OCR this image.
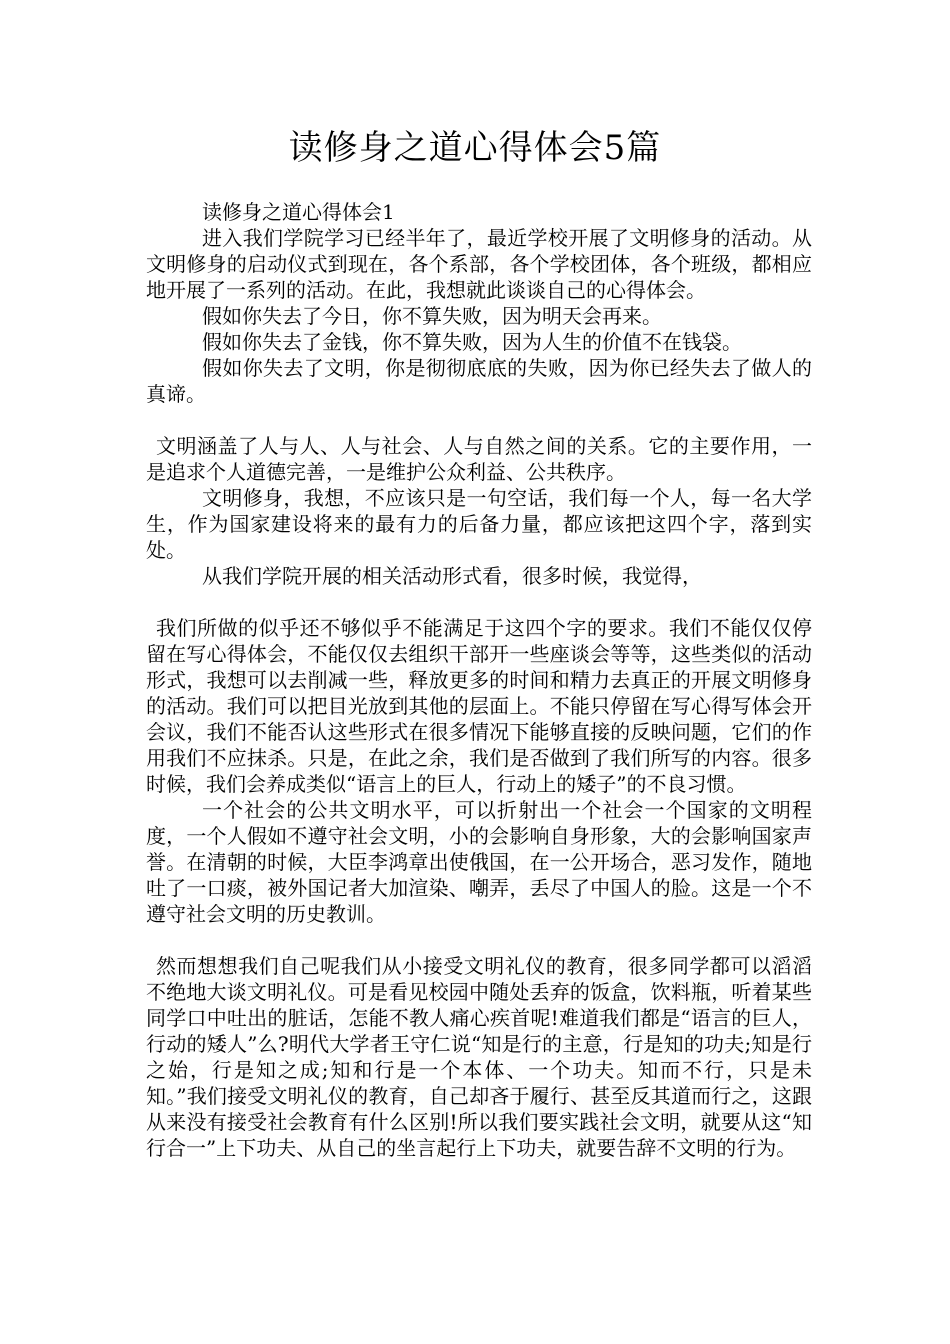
读修身之道心得体会5篇

读修身之道心得体会1

进入我们学院学习已经半年了，最近学校开展了文明修身的活动。从文明修身的启动仪式到现在，各个系部，各个学校团体，各个班级，都相应地开展了一系列的活动。在此，我想就此谈谈自己的心得体会。

假如你失去了今日，你不算失败，因为明天会再来。

假如你失去了金钱，你不算失败，因为人生的价值不在钱袋。

假如你失去了文明，你是彻彻底底的失败，因为你已经失去了做人的真谛。

文明涵盖了人与人、人与社会、人与自然之间的关系。它的主要作用，一是追求个人道德完善，一是维护公众利益、公共秩序。

文明修身，我想，不应该只是一句空话，我们每一个人，每一名大学生，作为国家建设将来的最有力的后备力量，都应该把这四个字，落到实处。

从我们学院开展的相关活动形式看，很多时候，我觉得，

我们所做的似乎还不够似乎不能满足于这四个字的要求。我们不能仅仅停留在写心得体会，不能仅仅去组织干部开一些座谈会等等，这些类似的活动形式，我想可以去削减一些，释放更多的时间和精力去真正的开展文明修身的活动。我们可以把目光放到其他的层面上。不能只停留在写心得写体会开会议，我们不能否认这些形式在很多情况下能够直接的反映问题，它们的作用我们不应抹杀。只是，在此之余，我们是否做到了我们所写的内容。很多时候，我们会养成类似“语言上的巨人，行动上的矮子”的不良习惯。

一个社会的公共文明水平，可以折射出一个社会一个国家的文明程度，一个人假如不遵守社会文明，小的会影响自身形象，大的会影响国家声誉。在清朝的时候，大臣李鸿章出使俄国，在一公开场合，恶习发作，随地吐了一口痰，被外国记者大加渲染、嘲弄，丢尽了中国人的脸。这是一个不遵守社会文明的历史教训。

然而想想我们自己呢我们从小接受文明礼仪的教育，很多同学都可以滔滔不绝地大谈文明礼仪。可是看见校园中随处丢弃的饭盒，饮料瓶，听着某些同学口中吐出的脏话，怎能不教人痛心疾首呢!难道我们都是“语言的巨人，行动的矮人”么?明代大学者王守仁说“知是行的主意，行是知的功夫;知是行之始，行是知之成;知和行是一个本体、一个功夫。知而不行，只是未知。”我们接受文明礼仪的教育，自己却吝于履行、甚至反其道而行之，这跟从来没有接受社会教育有什么区别!所以我们要实践社会文明，就要从这“知行合一”上下功夫、从自己的坐言起行上下功夫，就要告辞不文明的行为。
